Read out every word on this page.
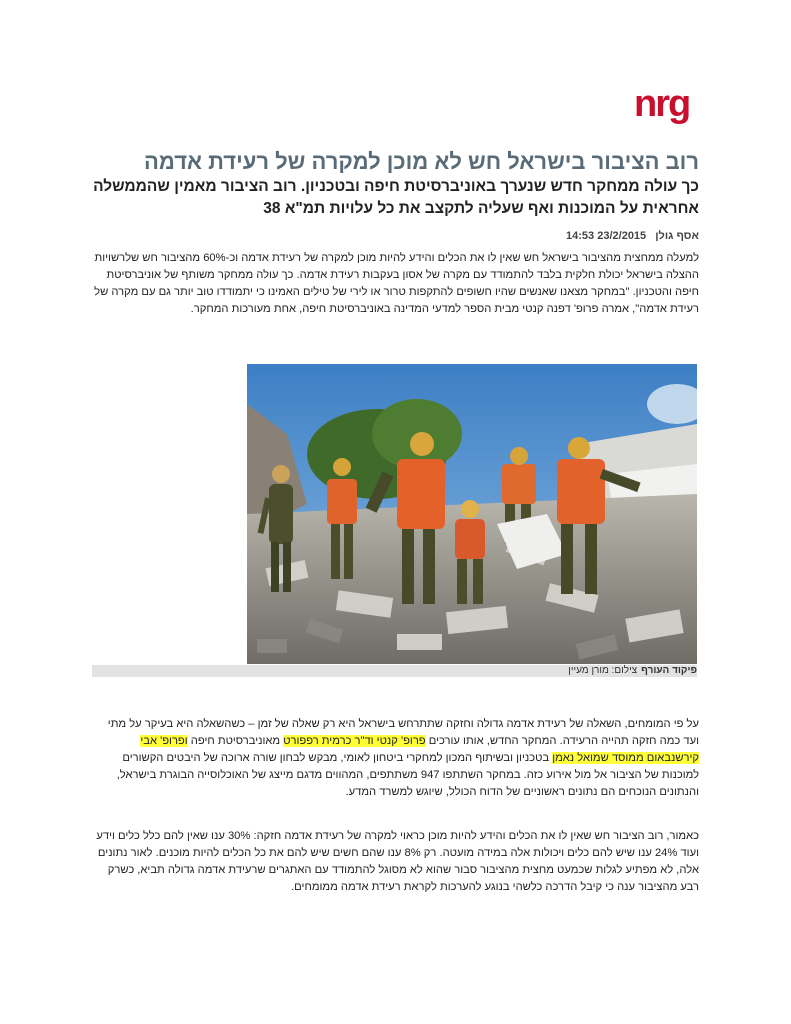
nrg
רוב הציבור בישראל חש לא מוכן למקרה של רעידת אדמה
כך עולה ממחקר חדש שנערך באוניברסיטת חיפה ובטכניון. רוב הציבור מאמין שהממשלה אחראית על המוכנות ואף שעליה לתקצב את כל עלויות תמ"א 38
אסף גולן 23/2/2015 14:53
למעלה ממחצית מהציבור בישראל חש שאין לו את הכלים והידע להיות מוכן למקרה של רעידת אדמה וכ-60% מהציבור חש שלרשויות ההצלה בישראל יכולת חלקית בלבד להתמודד עם מקרה של אסון בעקבות רעידת אדמה. כך עולה ממחקר משותף של אוניברסיטת חיפה והטכניון. "במחקר מצאנו שאנשים שהיו חשופים להתקפות טרור או לירי של טילים האמינו כי יתמודדו טוב יותר גם עם מקרה של רעידת אדמה", אמרה פרופ' דפנה קנטי מבית הספר למדעי המדינה באוניברסיטת חיפה, אחת מעורכות המחקר.
פיקוד העורףצילום: מורן מעיין
על פי המומחים, השאלה של רעידת אדמה גדולה וחזקה שתתרחש בישראל היא רק שאלה של זמן – כשהשאלה היא בעיקר על מתי ועד כמה חזקה תהייה הרעידה. המחקר החדש, אותו עורכים פרופ' קנטי וד"ר כרמית רפפורט מאוניברסיטת חיפה ופרופ' אבי קירשנבאום ממוסד שמואל נאמן בטכניון ובשיתוף המכון למחקרי ביטחון לאומי, מבקש לבחון שורה ארוכה של היבטים הקשורים למוכנות של הציבור אל מול אירוע כזה. במחקר השתתפו 947 משתתפים, המהווים מדגם מייצג של האוכלוסייה הבוגרת בישראל, והנתונים הנוכחים הם נתונים ראשוניים של הדוח הכולל, שיוגש למשרד המדע.
כאמור, רוב הציבור חש שאין לו את הכלים והידע להיות מוכן כראוי למקרה של רעידת אדמה חזקה: 30% ענו שאין להם כלל כלים וידע ועוד 24% ענו שיש להם כלים ויכולות אלה במידה מועטה. רק 8% ענו שהם חשים שיש להם את כל הכלים להיות מוכנים. לאור נתונים אלה, לא מפתיע לגלות שכמעט מחצית מהציבור סבור שהוא לא מסוגל להתמודד עם האתגרים שרעידת אדמה גדולה תביא, כשרק רבע מהציבור ענה כי קיבל הדרכה כלשהי בנוגע להערכות לקראת רעידת אדמה ממומחים.
